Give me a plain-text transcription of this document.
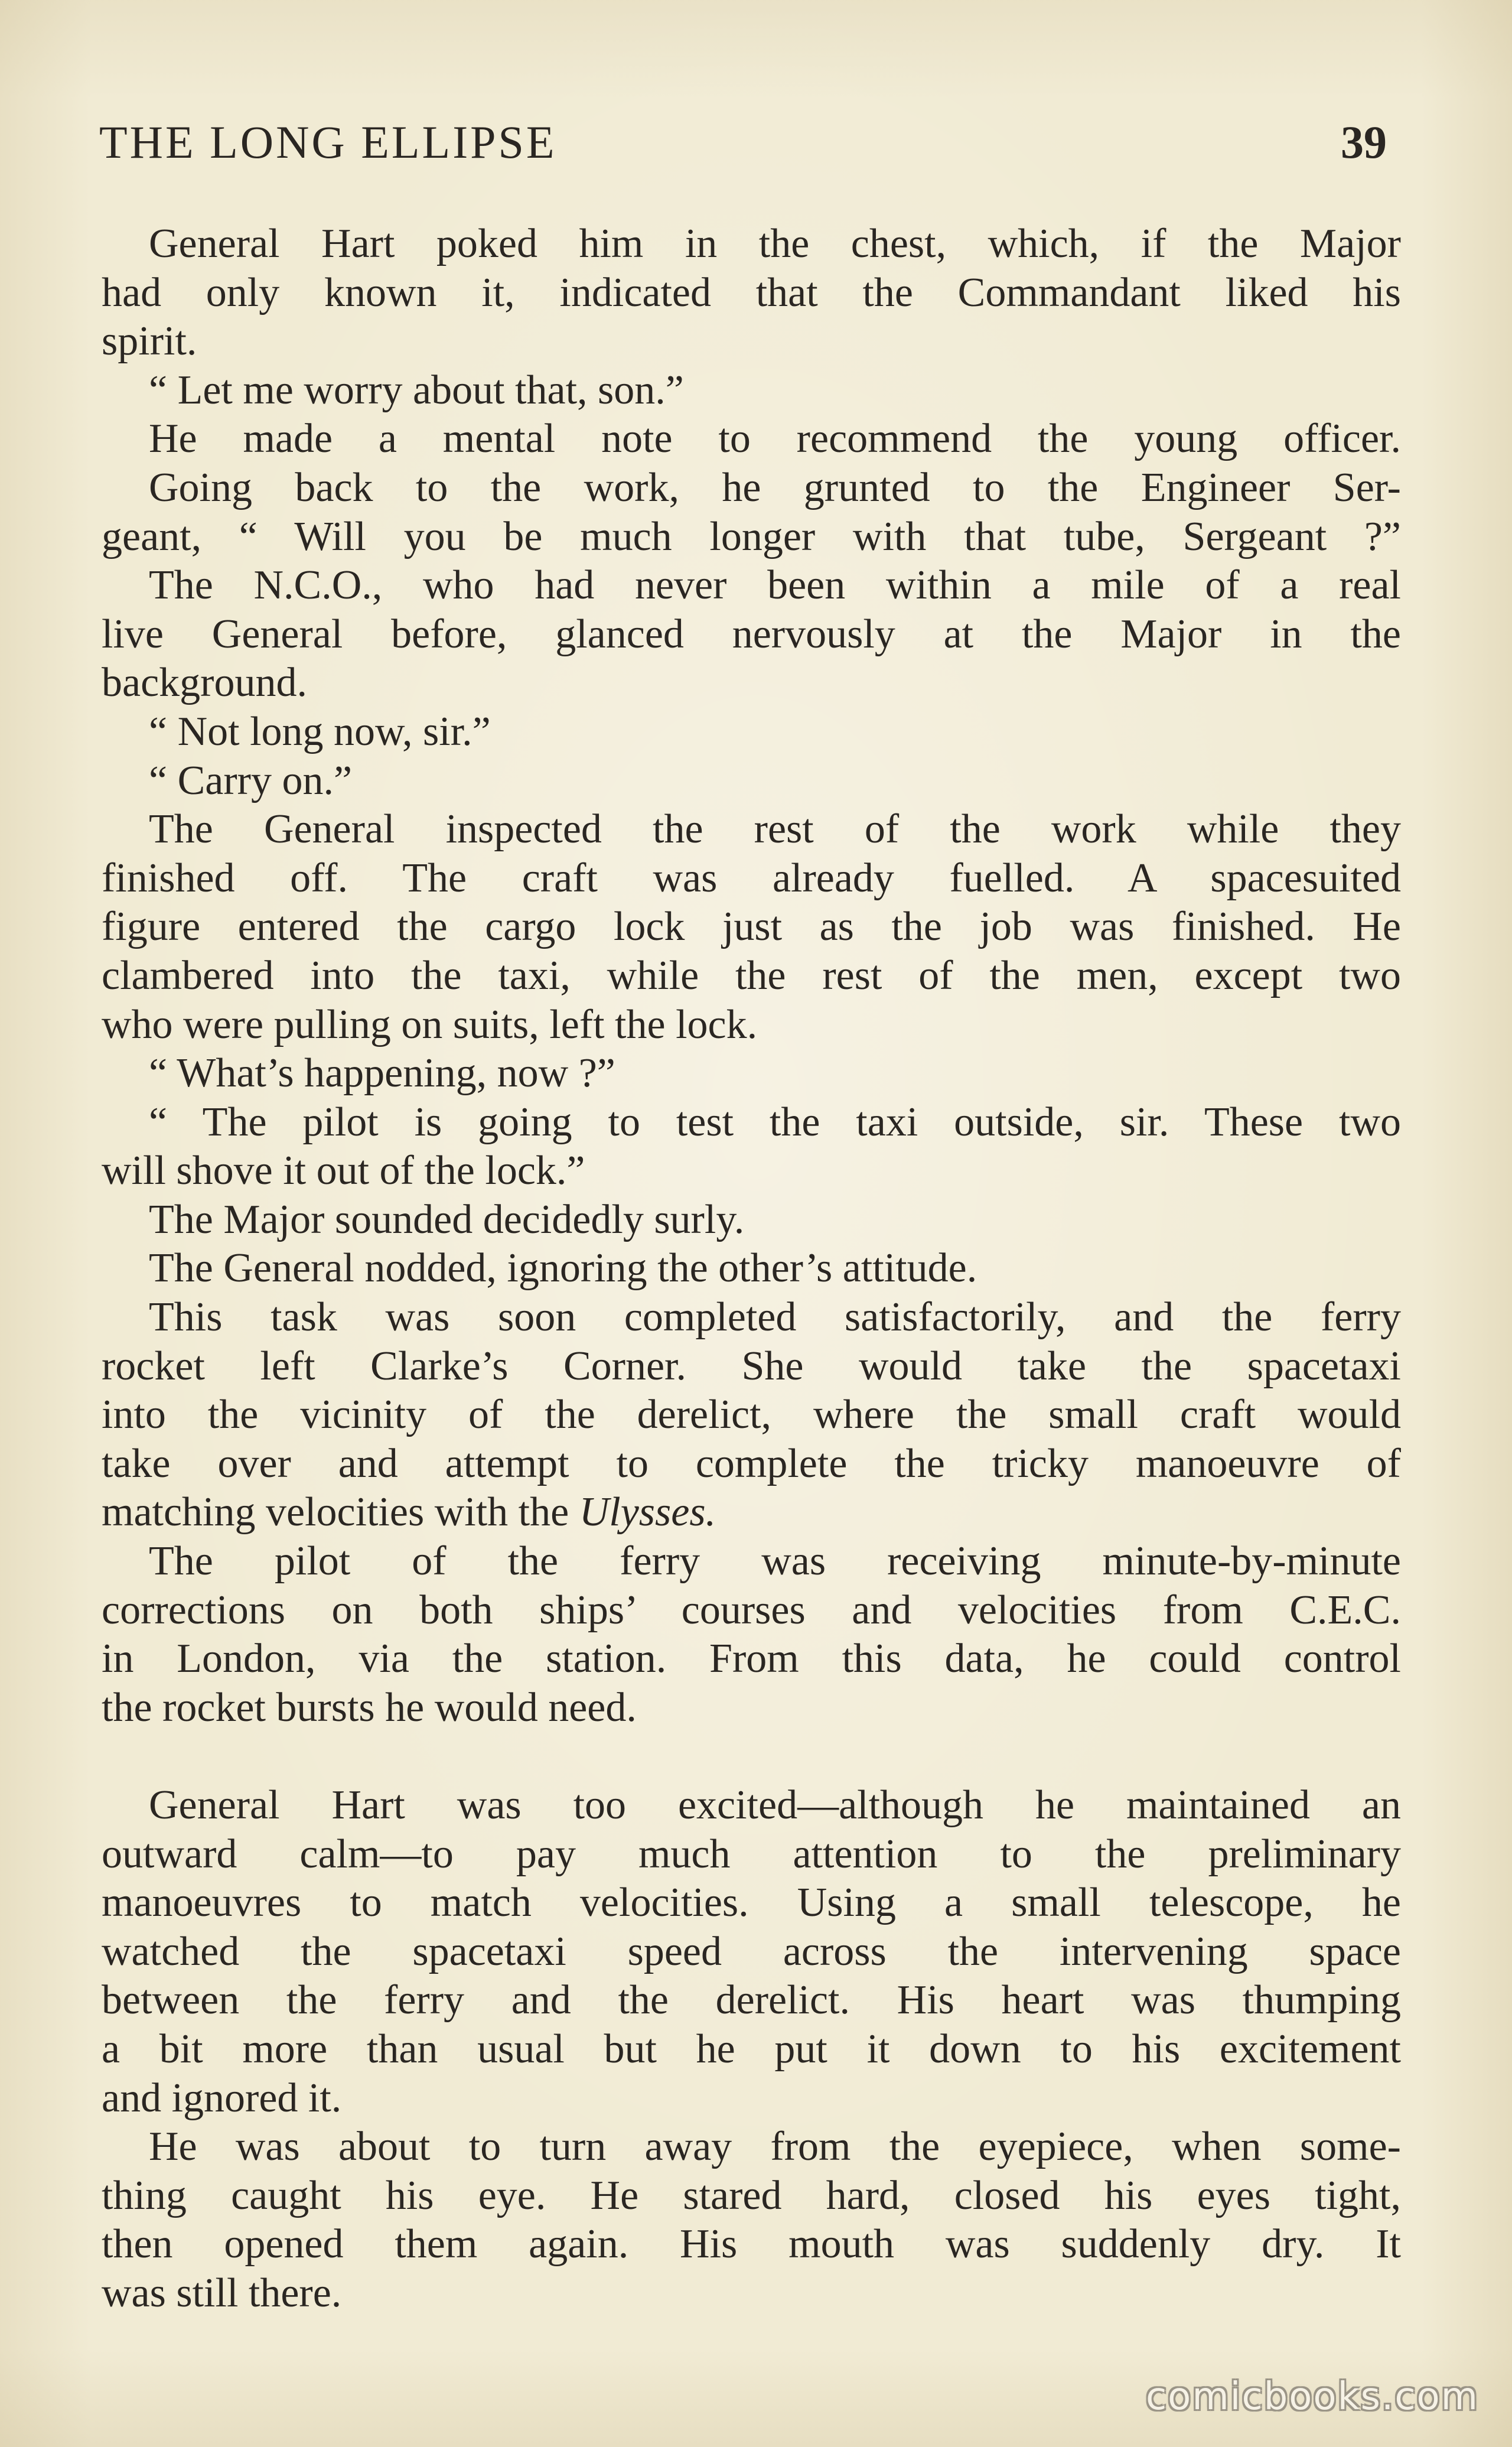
THE LONG ELLIPSE	39
General Hart poked him in the chest, which, if the Major
had only known it, indicated that the Commandant liked his
spirit.
“ Let me worry about that, son.”
He made a mental note to recommend the young officer.
Going back to the work, he grunted to the Engineer Ser-
geant, “ Will you be much longer with that tube, Sergeant ?”
The N.C.O., who had never been within a mile of a real
live General before, glanced nervously at the Major in the
background.
“ Not long now, sir.”
“ Carry on.”
The General inspected the rest of the work while they
finished off. The craft was already fuelled. A spacesuited
figure entered the cargo lock just as the job was finished. He
clambered into the taxi, while the rest of the men, except two
who were pulling on suits, left the lock.
“ What’s happening, now ?”
“ The pilot is going to test the taxi outside, sir. These two
will shove it out of the lock.”
The Major sounded decidedly surly.
The General nodded, ignoring the other’s attitude.
This task was soon completed satisfactorily, and the ferry
rocket left Clarke’s Corner. She would take the spacetaxi
into the vicinity of the derelict, where the small craft would
take over and attempt to complete the tricky manoeuvre of
matching velocities with the Ulysses.
The pilot of the ferry was receiving minute-by-minute
corrections on both ships’ courses and velocities from C.E.C.
in London, via the station. From this data, he could control
the rocket bursts he would need.
General Hart was too excited—although he maintained an
outward calm—to pay much attention to the preliminary
manoeuvres to match velocities. Using a small telescope, he
watched the spacetaxi speed across the intervening space
between the ferry and the derelict. His heart was thumping
a bit more than usual but he put it down to his excitement
and ignored it.
He was about to turn away from the eyepiece, when some-
thing caught his eye. He stared hard, closed his eyes tight,
then opened them again. His mouth was suddenly dry. It
was still there.
comicbooks.com
